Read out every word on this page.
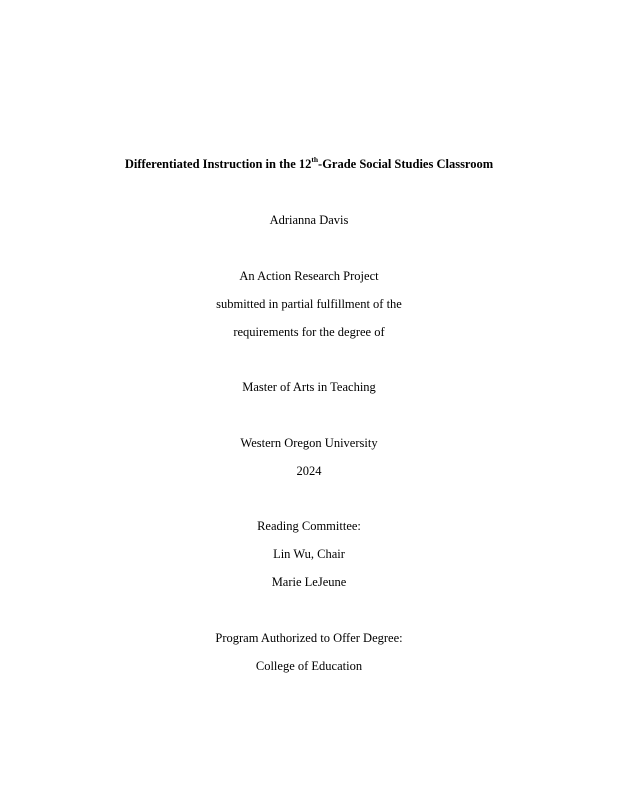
Differentiated Instruction in the 12th-Grade Social Studies Classroom
Adrianna Davis
An Action Research Project
submitted in partial fulfillment of the
requirements for the degree of
Master of Arts in Teaching
Western Oregon University
2024
Reading Committee:
Lin Wu, Chair
Marie LeJeune
Program Authorized to Offer Degree:
College of Education
